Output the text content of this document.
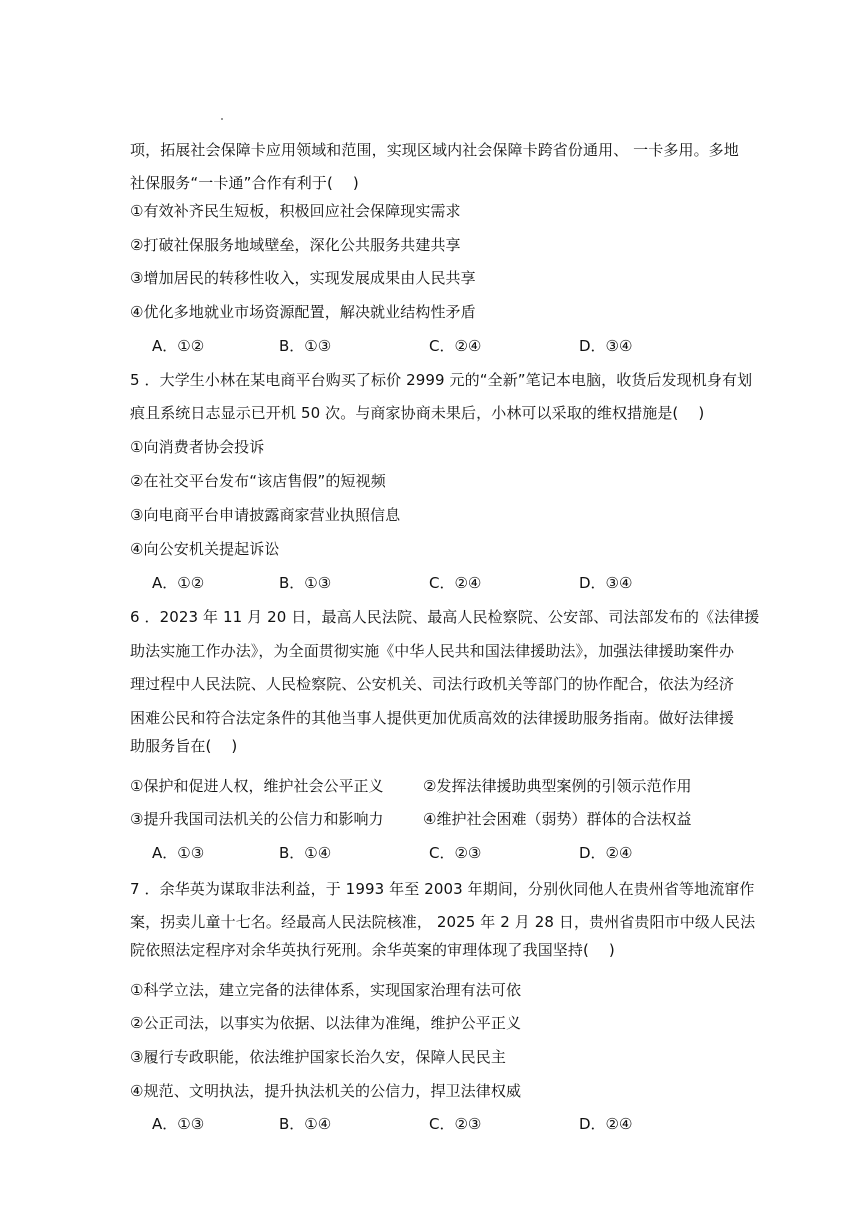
项，拓展社会保障卡应用领域和范围，实现区域内社会保障卡跨省份通用、 一卡多用。多地
社保服务“一卡通”合作有利于(　 )
①有效补齐民生短板，积极回应社会保障现实需求
②打破社保服务地域壁垒，深化公共服务共建共享
③增加居民的转移性收入，实现发展成果由人民共享
④优化多地就业市场资源配置，解决就业结构性矛盾
A．①②	B．①③	C．②④	D．③④
5 ．大学生小林在某电商平台购买了标价 2999 元的“全新”笔记本电脑，收货后发现机身有划
痕且系统日志显示已开机 50 次。与商家协商未果后，小林可以采取的维权措施是(　 )
①向消费者协会投诉
②在社交平台发布“该店售假”的短视频
③向电商平台申请披露商家营业执照信息
④向公安机关提起诉讼
A．①②	B．①③	C．②④	D．③④
6 ．2023 年 11 月 20 日，最高人民法院、最高人民检察院、公安部、司法部发布的《法律援
助法实施工作办法》，为全面贯彻实施《中华人民共和国法律援助法》，加强法律援助案件办
理过程中人民法院、人民检察院、公安机关、司法行政机关等部门的协作配合，依法为经济
困难公民和符合法定条件的其他当事人提供更加优质高效的法律援助服务指南。做好法律援
助服务旨在(　 )
①保护和促进人权，维护社会公平正义	②发挥法律援助典型案例的引领示范作用
③提升我国司法机关的公信力和影响力	④维护社会困难（弱势）群体的合法权益
A．①③	B．①④	C．②③	D．②④
7 ．余华英为谋取非法利益，于 1993 年至 2003 年期间，分别伙同他人在贵州省等地流窜作
案，拐卖儿童十七名。经最高人民法院核准， 2025 年 2 月 28 日，贵州省贵阳市中级人民法
院依照法定程序对余华英执行死刑。余华英案的审理体现了我国坚持(　 )
①科学立法，建立完备的法律体系，实现国家治理有法可依
②公正司法，以事实为依据、以法律为准绳，维护公平正义
③履行专政职能，依法维护国家长治久安，保障人民民主
④规范、文明执法，提升执法机关的公信力，捍卫法律权威
A．①③	B．①④	C．②③	D．②④
